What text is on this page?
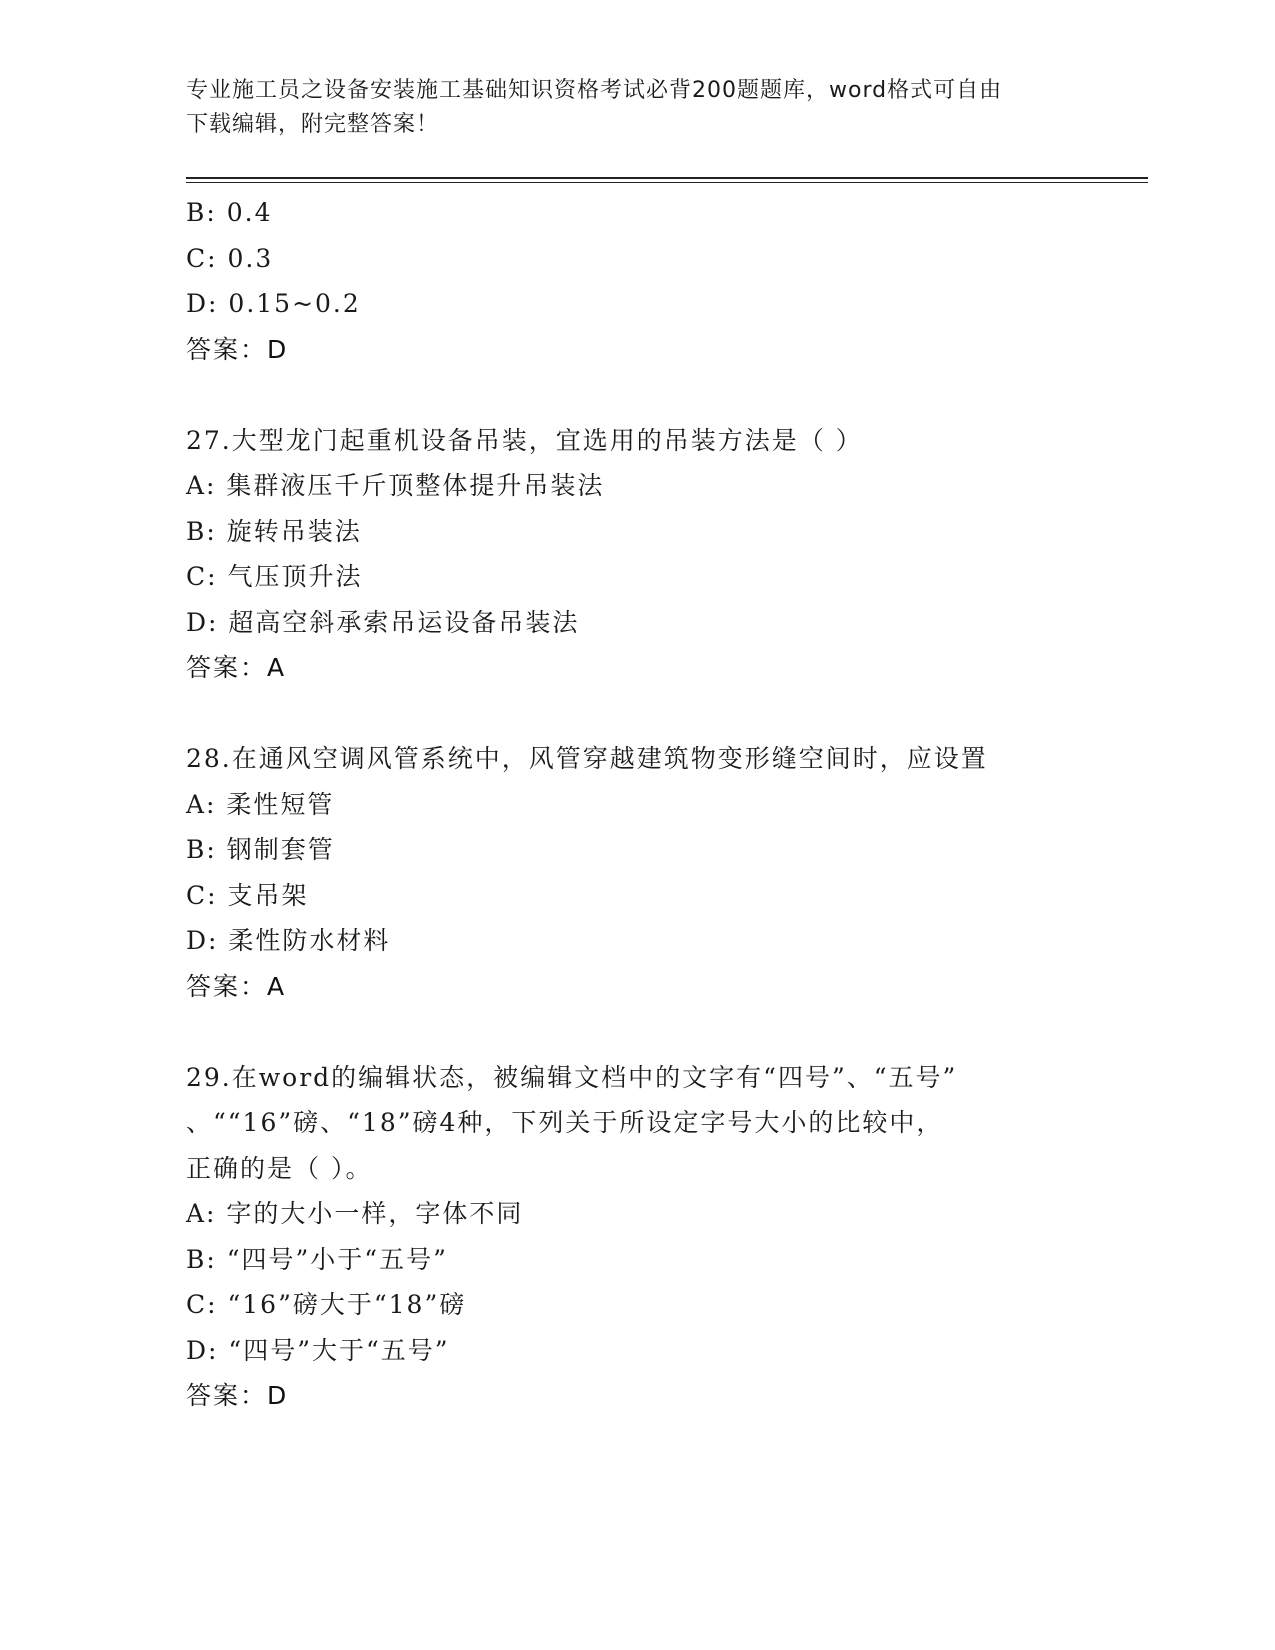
专业施工员之设备安装施工基础知识资格考试必背200题题库，word格式可自由
下载编辑，附完整答案！
B: 0.4
C: 0.3
D: 0.15~0.2
答案：D
27.大型龙门起重机设备吊装，宜选用的吊装方法是（ ）
A: 集群液压千斤顶整体提升吊装法
B: 旋转吊装法
C: 气压顶升法
D: 超高空斜承索吊运设备吊装法
答案：A
28.在通风空调风管系统中，风管穿越建筑物变形缝空间时，应设置
A: 柔性短管
B: 钢制套管
C: 支吊架
D: 柔性防水材料
答案：A
29.在word的编辑状态，被编辑文档中的文字有“四号”、“五号”
、““16”磅、“18”磅4种，下列关于所设定字号大小的比较中，
正确的是（ ）。
A: 字的大小一样，字体不同
B: “四号”小于“五号”
C: “16”磅大于“18”磅
D: “四号”大于“五号”
答案：D
